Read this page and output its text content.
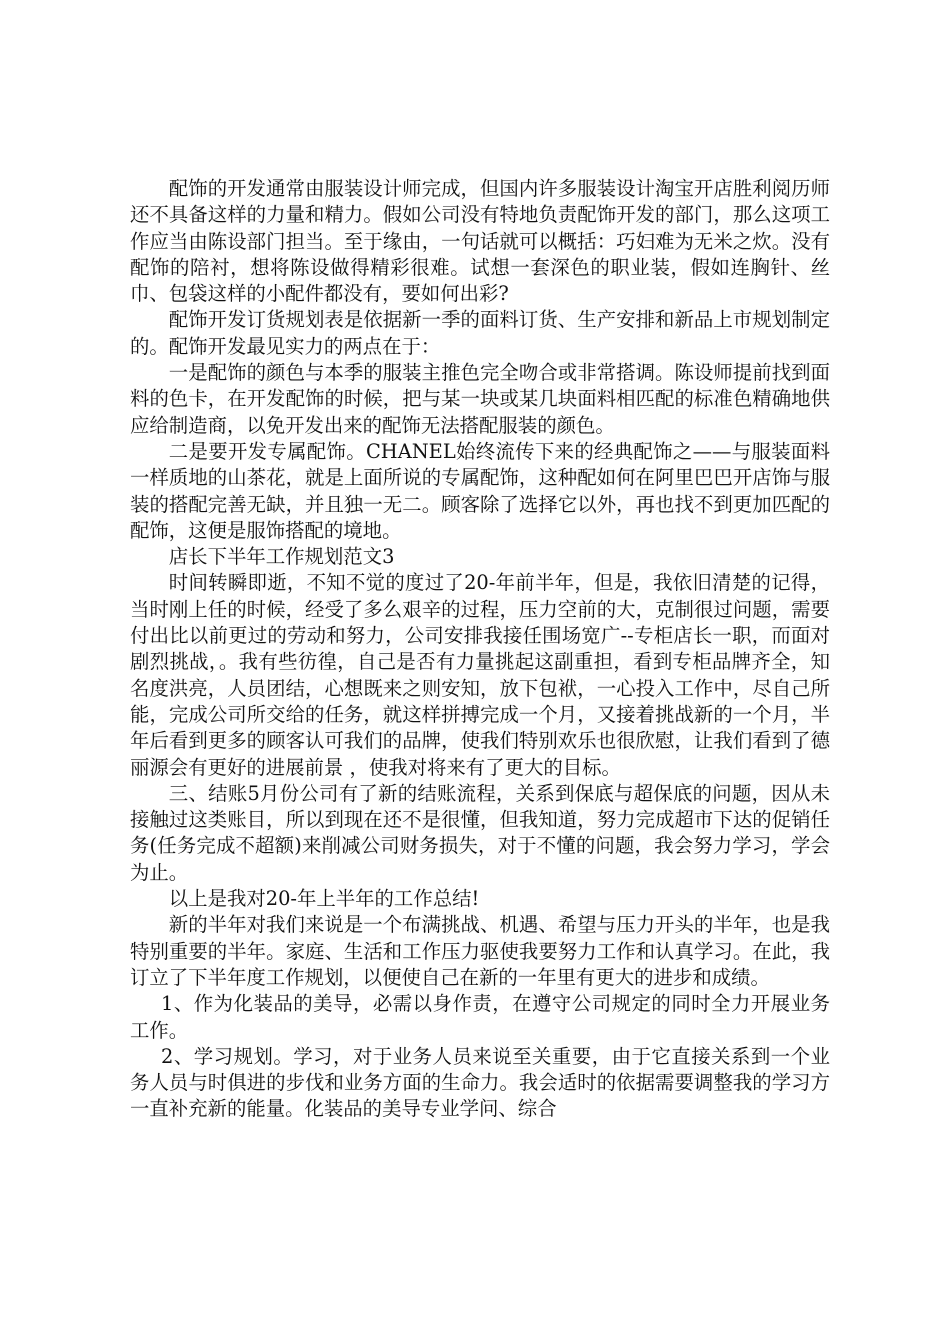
配饰的开发通常由服装设计师完成，但国内许多服装设计淘宝开店胜利阅历师还不具备这样的力量和精力。假如公司没有特地负责配饰开发的部门，那么这项工作应当由陈设部门担当。至于缘由，一句话就可以概括：巧妇难为无米之炊。没有配饰的陪衬，想将陈设做得精彩很难。试想一套深色的职业装，假如连胸针、丝巾、包袋这样的小配件都没有，要如何出彩?

配饰开发订货规划表是依据新一季的面料订货、生产安排和新品上市规划制定的。配饰开发最见实力的两点在于：

一是配饰的颜色与本季的服装主推色完全吻合或非常搭调。陈设师提前找到面料的色卡，在开发配饰的时候，把与某一块或某几块面料相匹配的标准色精确地供应给制造商，以免开发出来的配饰无法搭配服装的颜色。

二是要开发专属配饰。CHANEL始终流传下来的经典配饰之——与服装面料一样质地的山茶花，就是上面所说的专属配饰，这种配如何在阿里巴巴开店饰与服装的搭配完善无缺，并且独一无二。顾客除了选择它以外，再也找不到更加匹配的配饰，这便是服饰搭配的境地。

店长下半年工作规划范文3

时间转瞬即逝，不知不觉的度过了20-年前半年，但是，我依旧清楚的记得，当时刚上任的时候，经受了多么艰辛的过程，压力空前的大，克制很过问题，需要付出比以前更过的劳动和努力，公司安排我接任围场宽广--专柜店长一职，而面对剧烈挑战，。我有些彷徨，自己是否有力量挑起这副重担，看到专柜品牌齐全，知名度洪亮，人员团结，心想既来之则安知，放下包袱，一心投入工作中，尽自己所能，完成公司所交给的任务，就这样拼搏完成一个月，又接着挑战新的一个月，半年后看到更多的顾客认可我们的品牌，使我们特别欢乐也很欣慰，让我们看到了德丽源会有更好的进展前景 ，使我对将来有了更大的目标。

三、结账5月份公司有了新的结账流程，关系到保底与超保底的问题，因从未接触过这类账目，所以到现在还不是很懂，但我知道，努力完成超市下达的促销任务(任务完成不超额)来削减公司财务损失，对于不懂的问题，我会努力学习，学会为止。

以上是我对20-年上半年的工作总结!

新的半年对我们来说是一个布满挑战、机遇、希望与压力开头的半年，也是我特别重要的半年。家庭、生活和工作压力驱使我要努力工作和认真学习。在此，我订立了下半年度工作规划，以便使自己在新的一年里有更大的进步和成绩。

1、作为化装品的美导，必需以身作责，在遵守公司规定的同时全力开展业务工作。

2、学习规划。学习，对于业务人员来说至关重要，由于它直接关系到一个业务人员与时俱进的步伐和业务方面的生命力。我会适时的依据需要调整我的学习方一直补充新的能量。化装品的美导专业学问、综合
